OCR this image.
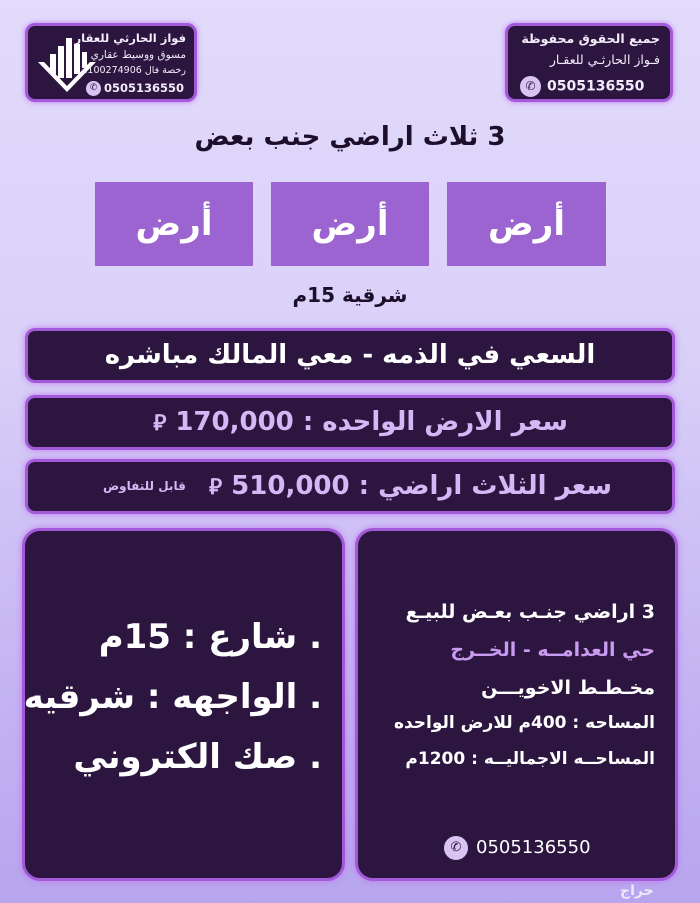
فواز الحارثي للعقار
مسوق ووسيط عقاري
رخصة فال 1100274906
✆ 0505136550
جميع الحقوق محفوظة
فـواز الحارثـي للعقـار
✆ 0505136550
3 ثلاث اراضي جنب بعض
أرض
أرض
أرض
شرقية 15م
السعي في الذمه - معي المالك مباشره
سعر الارض الواحده : 170,000 ⃁
سعر الثلاث اراضي : 510,000 ⃁
قابل للتفاوض
. شارع : 15م
. الواجهه : شرقيه
. صك الكتروني
3 اراضي جنـب بعـض للبيـع
حي العدامــه - الخــرج
مخـطـط الاخويـــن
المساحه : 400م للارض الواحده
المساحــه الاجماليــه : 1200م
✆ 0505136550
حراج
